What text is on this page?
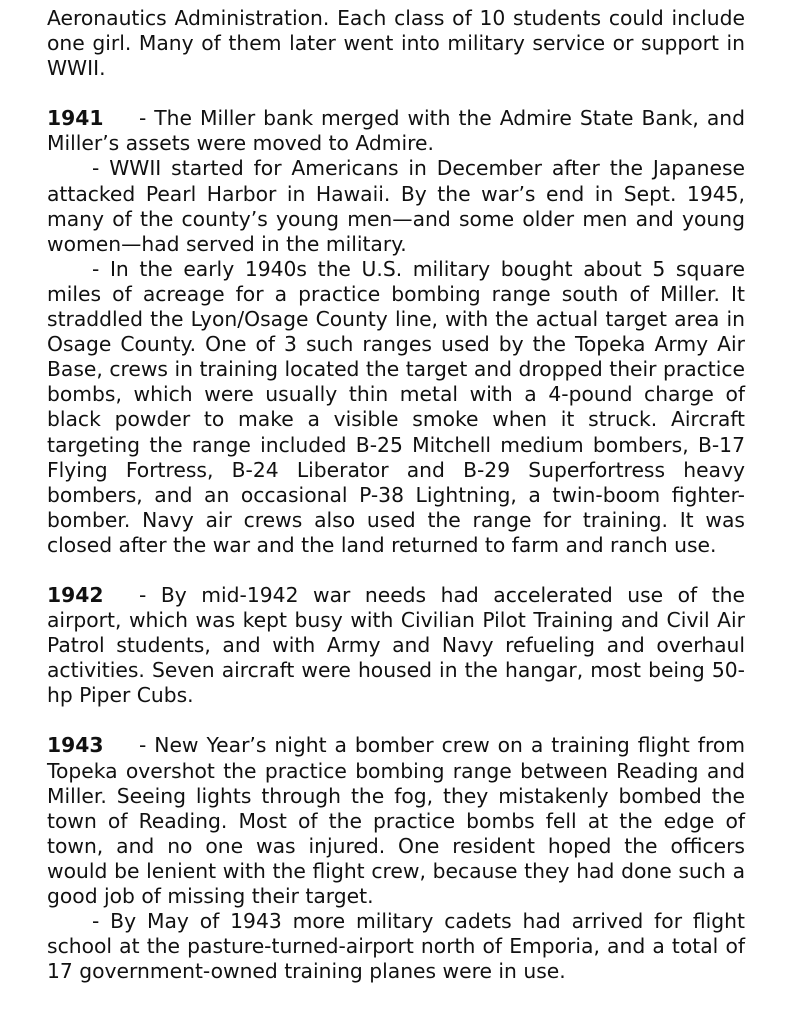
Aeronautics Administration. Each class of 10 students could include one girl. Many of them later went into military service or support in WWII.

1941 - The Miller bank merged with the Admire State Bank, and Miller’s assets were moved to Admire.

- WWII started for Americans in December after the Japanese attacked Pearl Harbor in Hawaii. By the war’s end in Sept. 1945, many of the county’s young men—and some older men and young women—had served in the military.

- In the early 1940s the U.S. military bought about 5 square miles of acreage for a practice bombing range south of Miller. It straddled the Lyon/Osage County line, with the actual target area in Osage County. One of 3 such ranges used by the Topeka Army Air Base, crews in training located the target and dropped their practice bombs, which were usually thin metal with a 4-pound charge of black powder to make a visible smoke when it struck. Aircraft targeting the range included B-25 Mitchell medium bombers, B-17 Flying Fortress, B-24 Liberator and B-29 Superfortress heavy bombers, and an occasional P-38 Lightning, a twin-boom fighter-bomber. Navy air crews also used the range for training. It was closed after the war and the land returned to farm and ranch use.

1942 - By mid-1942 war needs had accelerated use of the airport, which was kept busy with Civilian Pilot Training and Civil Air Patrol students, and with Army and Navy refueling and overhaul activities. Seven aircraft were housed in the hangar, most being 50-hp Piper Cubs.

1943 - New Year’s night a bomber crew on a training flight from Topeka overshot the practice bombing range between Reading and Miller. Seeing lights through the fog, they mistakenly bombed the town of Reading. Most of the practice bombs fell at the edge of town, and no one was injured. One resident hoped the officers would be lenient with the flight crew, because they had done such a good job of missing their target.

- By May of 1943 more military cadets had arrived for flight school at the pasture-turned-airport north of Emporia, and a total of 17 government-owned training planes were in use.
